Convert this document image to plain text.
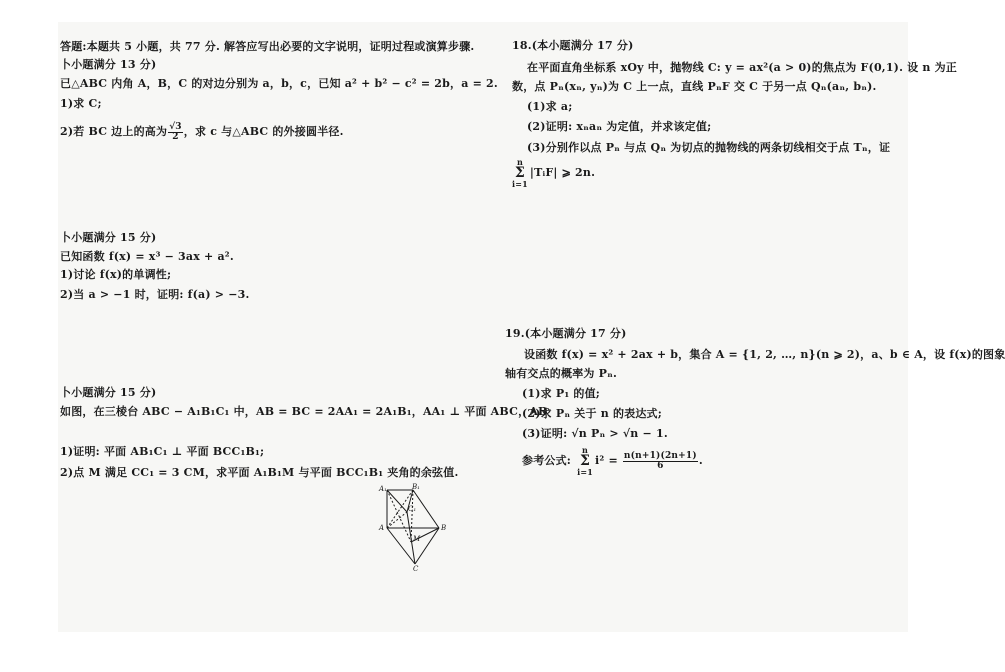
答题:本题共 5 小题，共 77 分. 解答应写出必要的文字说明，证明过程或演算步骤.
卜小题满分 13 分)
已△ABC 内角 A，B，C 的对边分别为 a，b，c，已知 a² + b² − c² = 2b，a = 2.
1)求 C;
2)若 BC 边上的高为 $\frac{√3}{2}$ ，求 c 与△ABC 的外接圆半径.
卜小题满分 15 分)
已知函数 f(x) = x³ − 3ax + a².
1)讨论 f(x)的单调性;
2)当 a > −1 时，证明: f(a) > −3.
卜小题满分 15 分)
如图，在三棱台 ABC − A₁B₁C₁ 中，AB = BC = 2AA₁ = 2A₁B₁，AA₁ ⊥ 平面 ABC，AB
1)证明: 平面 AB₁C₁ ⊥ 平面 BCC₁B₁;
2)点 M 满足 CC₁ = 3 CM，求平面 A₁B₁M 与平面 BCC₁B₁ 夹角的余弦值.
A₁	B₁
C₁
A	B
C
M
18.(本小题满分 17 分)
在平面直角坐标系 xOy 中，抛物线 C: y = ax²(a > 0)的焦点为 F(0,1). 设 n 为正
数，点 Pₙ(xₙ, yₙ)为 C 上一点，直线 PₙF 交 C 于另一点 Qₙ(aₙ, bₙ).
(1)求 a;
(2)证明: xₙaₙ 为定值，并求该定值;
(3)分别作以点 Pₙ 与点 Qₙ 为切点的抛物线的两条切线相交于点 Tₙ，证
n
Σ
i=1|TᵢF| ⩾ 2n.
19.(本小题满分 17 分)
设函数 f(x) = x² + 2ax + b，集合 A = {1, 2, …, n}(n ⩾ 2)，a、b ∈ A，设 f(x)的图象
轴有交点的概率为 Pₙ.
(1)求 P₁ 的值;
(2)求 Pₙ 关于 n 的表达式;
(3)证明: √n Pₙ > √n − 1.
参考公式: n
Σ
$i=1i^2 = \frac{n(n+1)(2n+1)}{6}$ .
